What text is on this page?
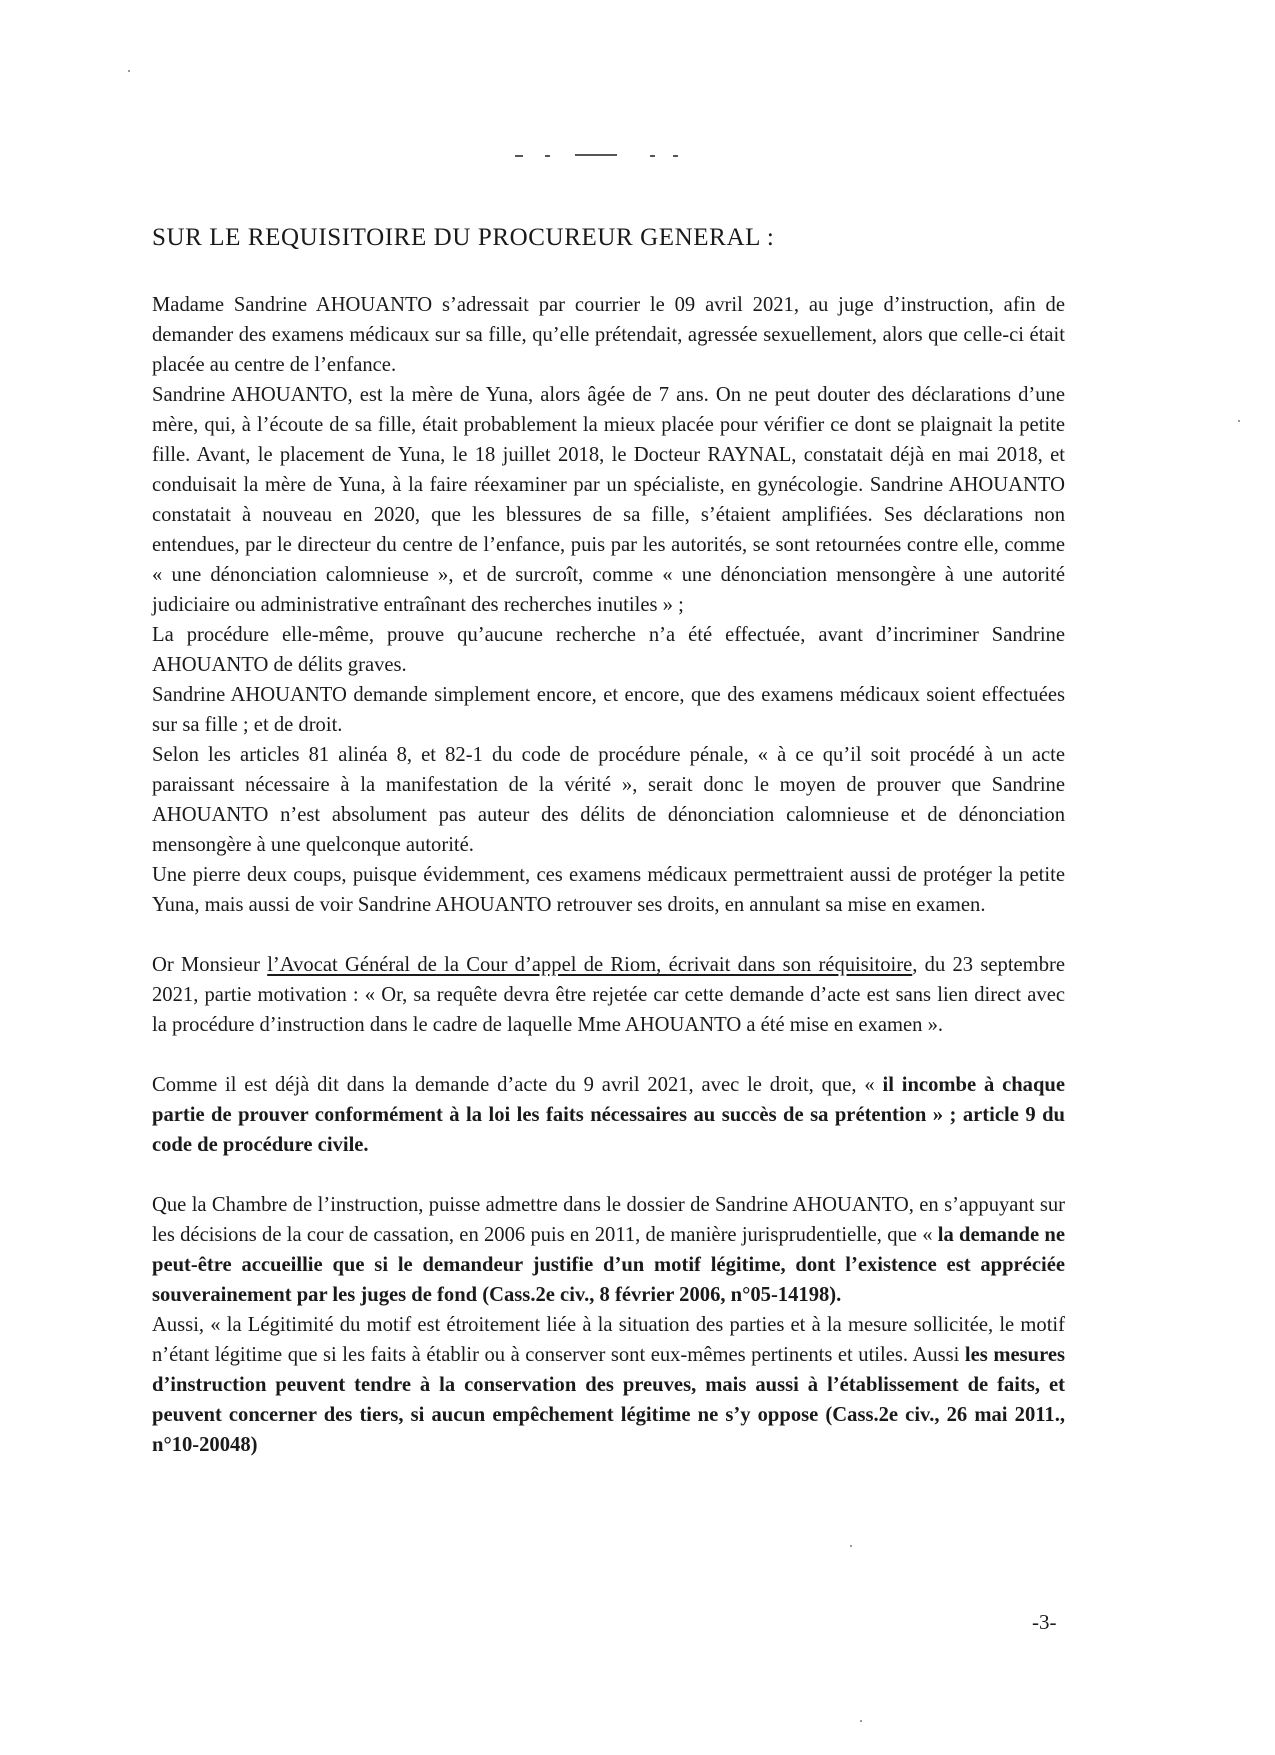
SUR LE REQUISITOIRE DU PROCUREUR GENERAL :

Madame Sandrine AHOUANTO s’adressait par courrier le 09 avril 2021, au juge d’instruction, afin de demander des examens médicaux sur sa fille, qu’elle prétendait, agressée sexuellement, alors que celle-ci était placée au centre de l’enfance.

Sandrine AHOUANTO, est la mère de Yuna, alors âgée de 7 ans. On ne peut douter des déclarations d’une mère, qui, à l’écoute de sa fille, était probablement la mieux placée pour vérifier ce dont se plaignait la petite fille. Avant, le placement de Yuna, le 18 juillet 2018, le Docteur RAYNAL, constatait déjà en mai 2018, et conduisait la mère de Yuna, à la faire réexaminer par un spécialiste, en gynécologie. Sandrine AHOUANTO constatait à nouveau en 2020, que les blessures de sa fille, s’étaient amplifiées. Ses déclarations non entendues, par le directeur du centre de l’enfance, puis par les autorités, se sont retournées contre elle, comme « une dénonciation calomnieuse », et de surcroît, comme « une dénonciation mensongère à une autorité judiciaire ou administrative entraînant des recherches inutiles » ;

La procédure elle-même, prouve qu’aucune recherche n’a été effectuée, avant d’incriminer Sandrine AHOUANTO de délits graves.

Sandrine AHOUANTO demande simplement encore, et encore, que des examens médicaux soient effectuées sur sa fille ; et de droit.

Selon les articles 81 alinéa 8, et 82-1 du code de procédure pénale, « à ce qu’il soit procédé à un acte paraissant nécessaire à la manifestation de la vérité », serait donc le moyen de prouver que Sandrine AHOUANTO n’est absolument pas auteur des délits de dénonciation calomnieuse et de dénonciation mensongère à une quelconque autorité.

Une pierre deux coups, puisque évidemment, ces examens médicaux permettraient aussi de protéger la petite Yuna, mais aussi de voir Sandrine AHOUANTO retrouver ses droits, en annulant sa mise en examen.

Or Monsieur l’Avocat Général de la Cour d’appel de Riom, écrivait dans son réquisitoire, du 23 septembre 2021, partie motivation : « Or, sa requête devra être rejetée car cette demande d’acte est sans lien direct avec la procédure d’instruction dans le cadre de laquelle Mme AHOUANTO a été mise en examen ».

Comme il est déjà dit dans la demande d’acte du 9 avril 2021, avec le droit, que, « il incombe à chaque partie de prouver conformément à la loi les faits nécessaires au succès de sa prétention » ; article 9 du code de procédure civile.

Que la Chambre de l’instruction, puisse admettre dans le dossier de Sandrine AHOUANTO, en s’appuyant sur les décisions de la cour de cassation, en 2006 puis en 2011, de manière jurisprudentielle, que « la demande ne peut-être accueillie que si le demandeur justifie d’un motif légitime, dont l’existence est appréciée souverainement par les juges de fond (Cass.2e civ., 8 février 2006, n°05-14198).

Aussi, « la Légitimité du motif est étroitement liée à la situation des parties et à la mesure sollicitée, le motif n’étant légitime que si les faits à établir ou à conserver sont eux-mêmes pertinents et utiles. Aussi les mesures d’instruction peuvent tendre à la conservation des preuves, mais aussi à l’établissement de faits, et peuvent concerner des tiers, si aucun empêchement légitime ne s’y oppose (Cass.2e civ., 26 mai 2011., n°10-20048)

-3-
